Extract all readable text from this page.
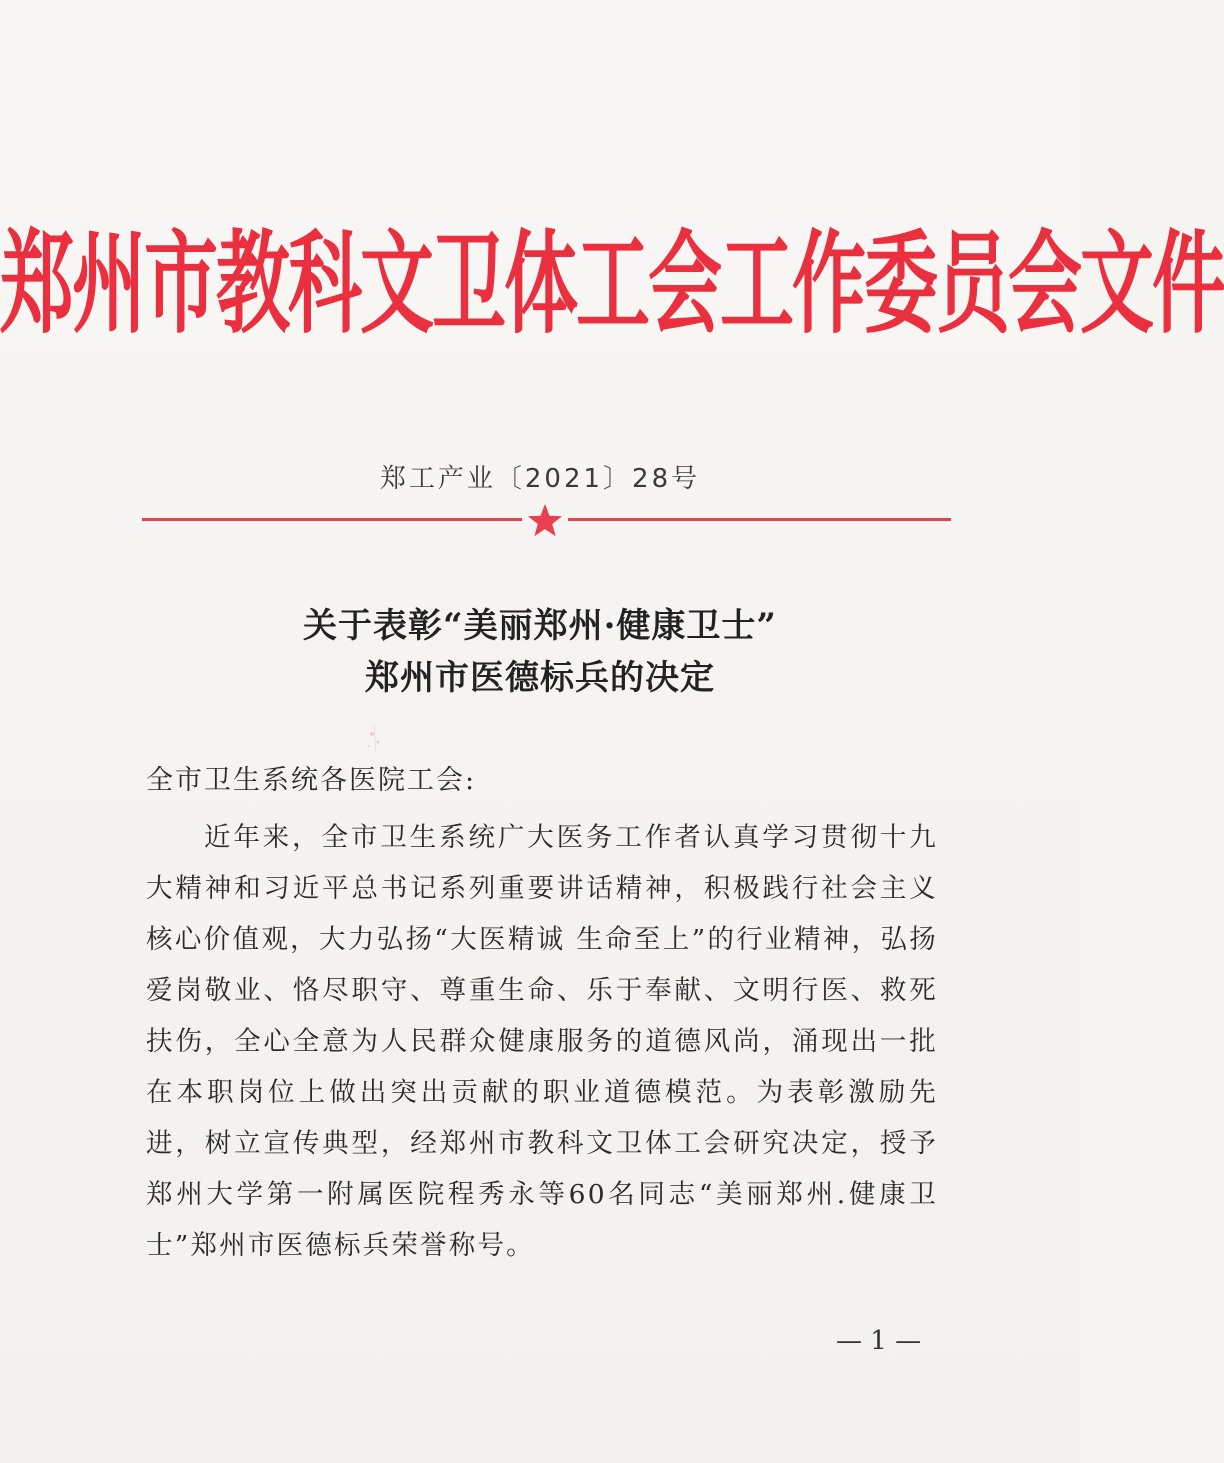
郑州市教科文卫体工会工作委员会文件
郑工产业〔2021〕28号
关于表彰“美丽郑州·健康卫士”
郑州市医德标兵的决定
全市卫生系统各医院工会:

近年来，全市卫生系统广大医务工作者认真学习贯彻十九大精神和习近平总书记系列重要讲话精神，积极践行社会主义核心价值观，大力弘扬“大医精诚 生命至上”的行业精神，弘扬爱岗敬业、恪尽职守、尊重生命、乐于奉献、文明行医、救死扶伤，全心全意为人民群众健康服务的道德风尚，涌现出一批在本职岗位上做出突出贡献的职业道德模范。为表彰激励先进，树立宣传典型，经郑州市教科文卫体工会研究决定，授予郑州大学第一附属医院程秀永等60名同志“美丽郑州.健康卫士”郑州市医德标兵荣誉称号。

— 1 —
